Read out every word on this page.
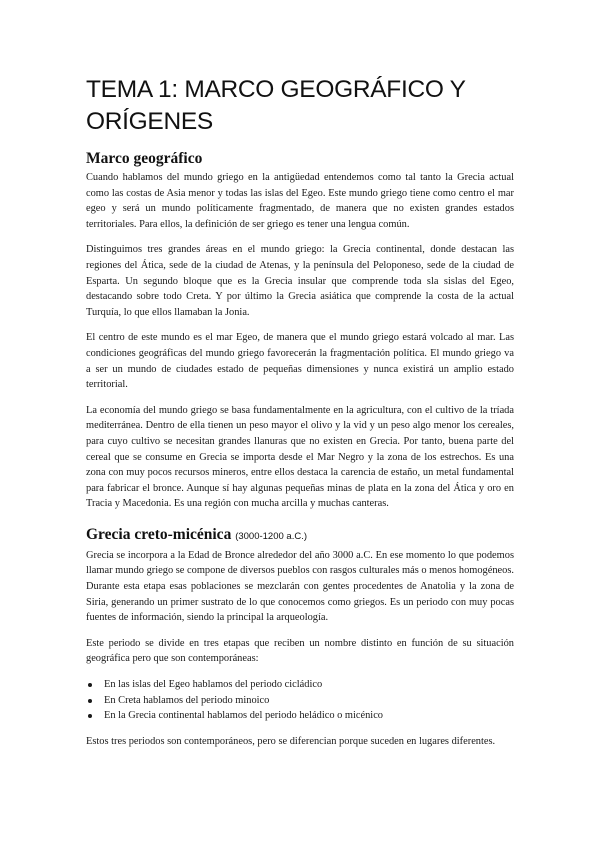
TEMA 1: MARCO GEOGRÁFICO Y ORÍGENES
Marco geográfico

Cuando hablamos del mundo griego en la antigüedad entendemos como tal tanto la Grecia actual como las costas de Asia menor y todas las islas del Egeo. Este mundo griego tiene como centro el mar egeo y será un mundo políticamente fragmentado, de manera que no existen grandes estados territoriales. Para ellos, la definición de ser griego es tener una lengua común.

Distinguimos tres grandes áreas en el mundo griego: la Grecia continental, donde destacan las regiones del Ática, sede de la ciudad de Atenas, y la península del Peloponeso, sede de la ciudad de Esparta. Un segundo bloque que es la Grecia insular que comprende toda sla sislas del Egeo, destacando sobre todo Creta. Y por último la Grecia asiática que comprende la costa de la actual Turquía, lo que ellos llamaban la Jonia.

El centro de este mundo es el mar Egeo, de manera que el mundo griego estará volcado al mar. Las condiciones geográficas del mundo griego favorecerán la fragmentación política. El mundo griego va a ser un mundo de ciudades estado de pequeñas dimensiones y nunca existirá un amplio estado territorial.

La economía del mundo griego se basa fundamentalmente en la agricultura, con el cultivo de la tríada mediterránea. Dentro de ella tienen un peso mayor el olivo y la vid y un peso algo menor los cereales, para cuyo cultivo se necesitan grandes llanuras que no existen en Grecia. Por tanto, buena parte del cereal que se consume en Grecia se importa desde el Mar Negro y la zona de los estrechos. Es una zona con muy pocos recursos mineros, entre ellos destaca la carencia de estaño, un metal fundamental para fabricar el bronce. Aunque sí hay algunas pequeñas minas de plata en la zona del Ática y oro en Tracia y Macedonia. Es una región con mucha arcilla y muchas canteras.

Grecia creto-micénica (3000-1200 a.C.)

Grecia se incorpora a la Edad de Bronce alrededor del año 3000 a.C. En ese momento lo que podemos llamar mundo griego se compone de diversos pueblos con rasgos culturales más o menos homogéneos. Durante esta etapa esas poblaciones se mezclarán con gentes procedentes de Anatolia y la zona de Siria, generando un primer sustrato de lo que conocemos como griegos. Es un periodo con muy pocas fuentes de información, siendo la principal la arqueología.

Este periodo se divide en tres etapas que reciben un nombre distinto en función de su situación geográfica pero que son contemporáneas:

En las islas del Egeo hablamos del periodo cicládico
En Creta hablamos del periodo minoico
En la Grecia continental hablamos del periodo heládico o micénico

Estos tres periodos son contemporáneos, pero se diferencian porque suceden en lugares diferentes.
